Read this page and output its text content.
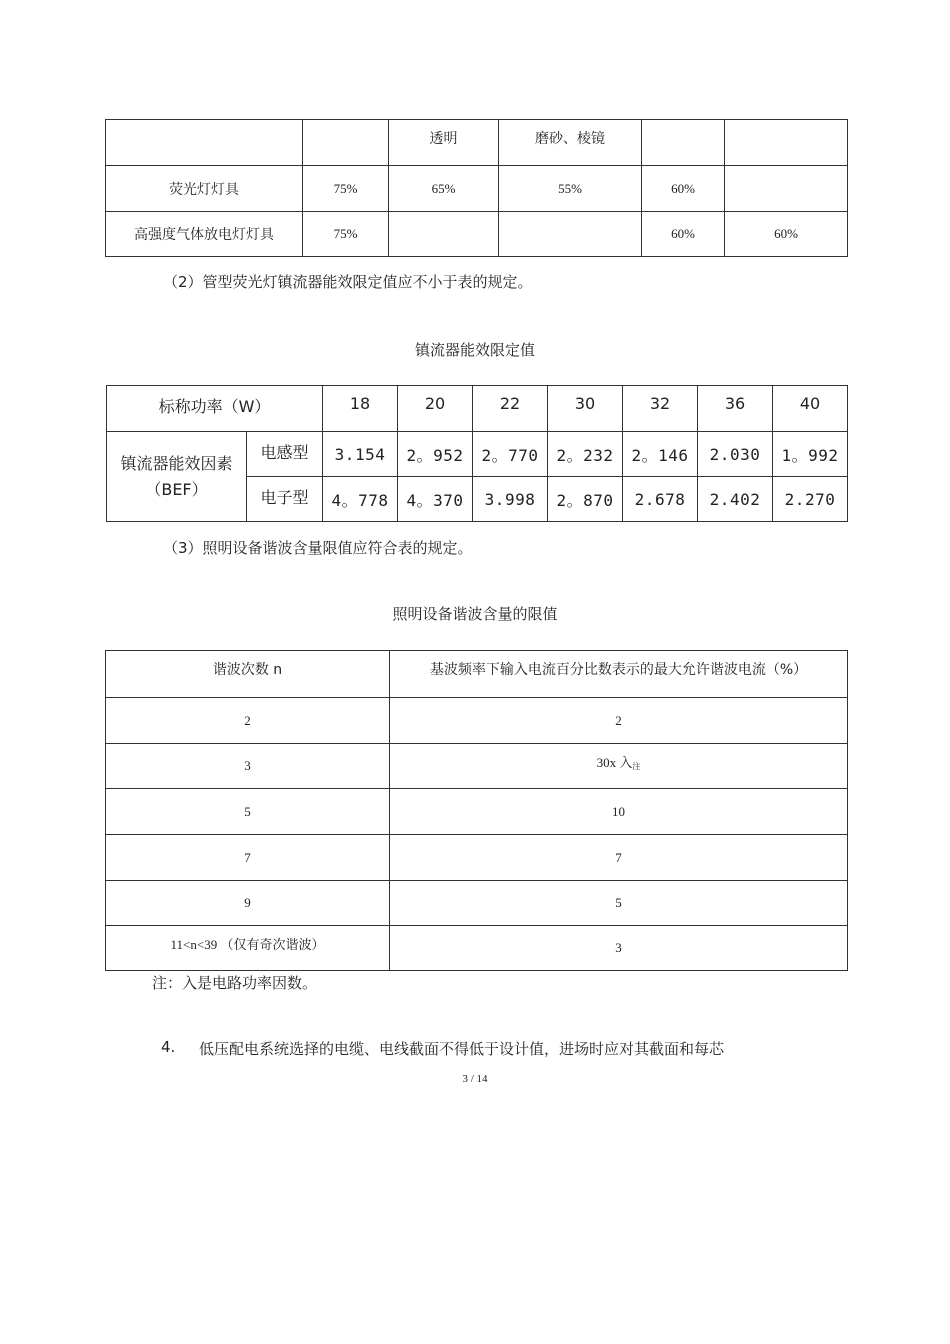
		透明	磨砂、棱镜		
荧光灯灯具	75%	65%	55%	60%	
高强度气体放电灯灯具	75%			60%	60%

（2）管型荧光灯镇流器能效限定值应不小于表的规定。

镇流器能效限定值

标称功率（W）		18	20	22	30	32	36	40
镇流器能效因素
（BEF）	电感型	3.154	2。952	2。770	2。232	2。146	2.030	1。992
	电子型	4。778	4。370	3.998	2。870	2.678	2.402	2.270

（3）照明设备谐波含量限值应符合表的规定。

照明设备谐波含量的限值

谐波次数 n	基波频率下输入电流百分比数表示的最大允许谐波电流（%）
2	2
3	30x 入$_注$
5	10
7	7
9	5
11<n<39 （仅有奇次谐波）	3

注：入是电路功率因数。

4. 低压配电系统选择的电缆、电线截面不得低于设计值，进场时应对其截面和每芯

3 / 14
